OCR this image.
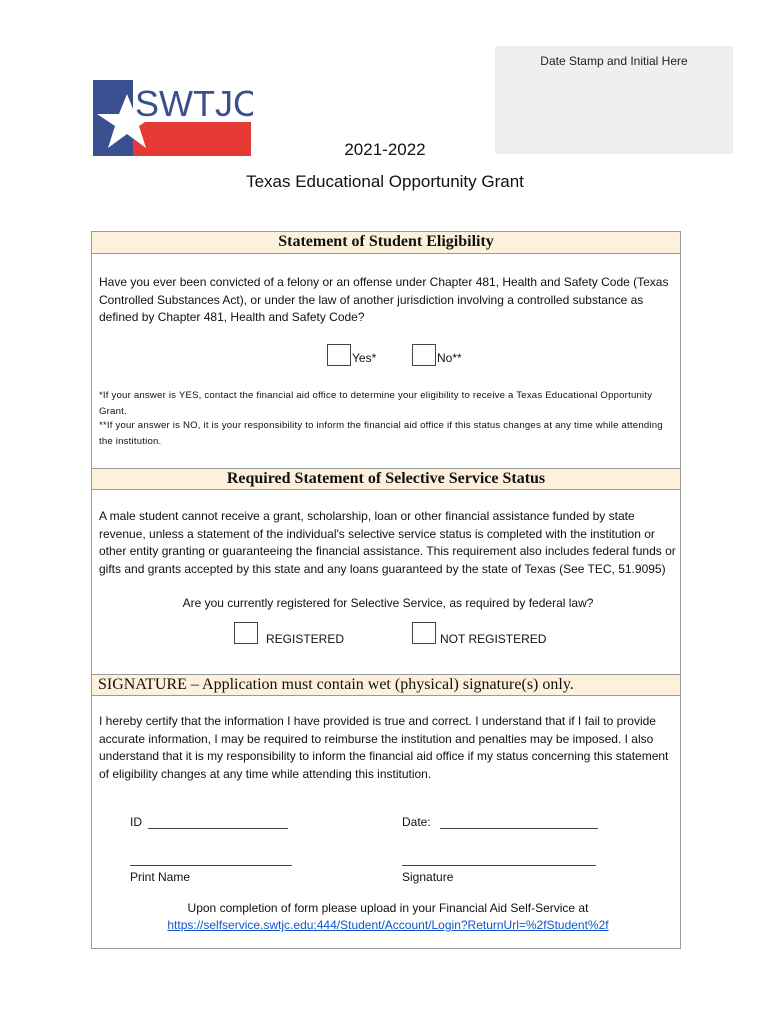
Date Stamp and Initial Here
SWTJC
2021-2022
Texas Educational Opportunity Grant
Statement of Student Eligibility
Have you ever been convicted of a felony or an offense under Chapter 481, Health and Safety Code (Texas Controlled Substances Act), or under the law of another jurisdiction involving a controlled substance as defined by Chapter 481, Health and Safety Code?
Yes*	No**
*If your answer is YES, contact the financial aid office to determine your eligibility to receive a Texas Educational Opportunity Grant.
**If your answer is NO, it is your responsibility to inform the financial aid office if this status changes at any time while attending the institution.
Required Statement of Selective Service Status
A male student cannot receive a grant, scholarship, loan or other financial assistance funded by state revenue, unless a statement of the individual's selective service status is completed with the institution or other entity granting or guaranteeing the financial assistance. This requirement also includes federal funds or gifts and grants accepted by this state and any loans guaranteed by the state of Texas (See TEC, 51.9095)
Are you currently registered for Selective Service, as required by federal law?
REGISTERED	NOT REGISTERED
SIGNATURE – Application must contain wet (physical) signature(s) only.
I hereby certify that the information I have provided is true and correct. I understand that if I fail to provide accurate information, I may be required to reimburse the institution and penalties may be imposed. I also understand that it is my responsibility to inform the financial aid office if my status concerning this statement of eligibility changes at any time while attending this institution.
ID	Date:
Print Name	Signature
Upon completion of form please upload in your Financial Aid Self-Service at
https://selfservice.swtjc.edu:444/Student/Account/Login?ReturnUrl=%2fStudent%2f
